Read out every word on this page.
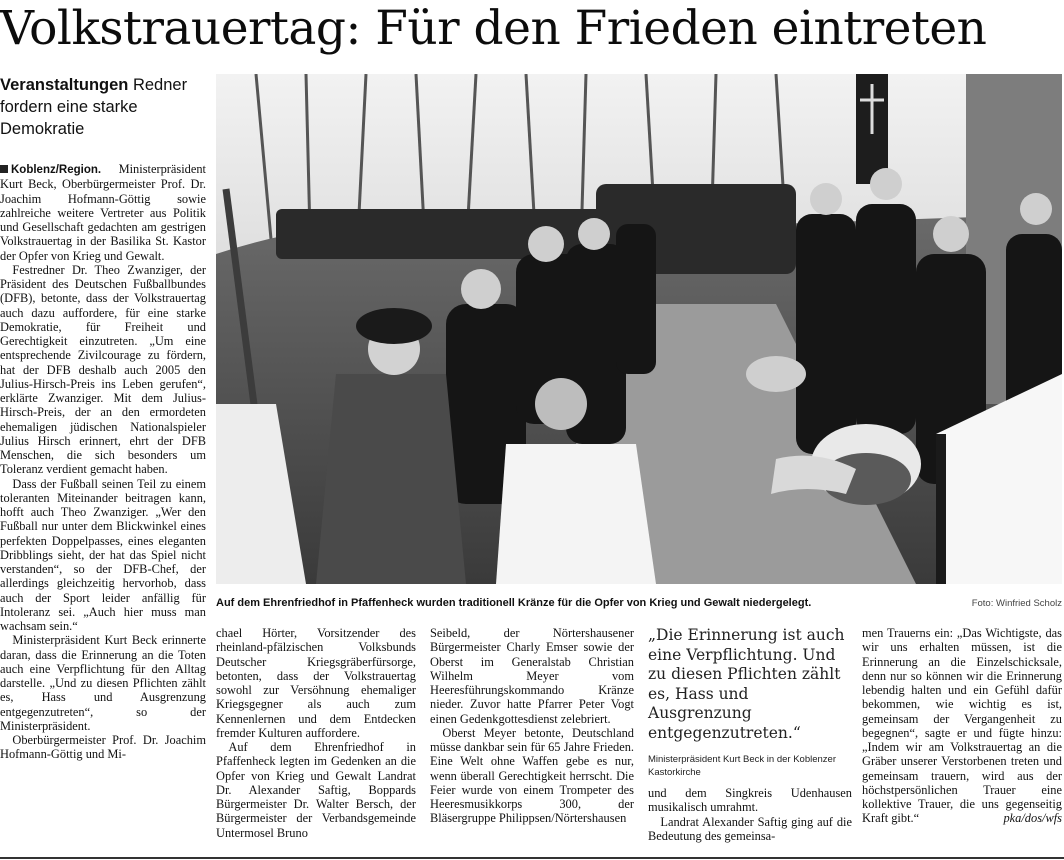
Volkstrauertag: Für den Frieden eintreten
Veranstaltungen Redner fordern eine starke Demokratie

Koblenz/Region. Ministerpräsident Kurt Beck, Oberbürgermeister Prof. Dr. Joachim Hofmann-Göttig sowie zahlreiche weitere Vertreter aus Politik und Gesellschaft gedachten am gestrigen Volkstrauertag in der Basilika St. Kastor der Opfer von Krieg und Gewalt.

Festredner Dr. Theo Zwanziger, der Präsident des Deutschen Fußballbundes (DFB), betonte, dass der Volkstrauertag auch dazu auffordere, für eine starke Demokratie, für Freiheit und Gerechtigkeit einzutreten. „Um eine entsprechende Zivilcourage zu fördern, hat der DFB deshalb auch 2005 den Julius-Hirsch-Preis ins Leben gerufen“, erklärte Zwanziger. Mit dem Julius-Hirsch-Preis, der an den ermordeten ehemaligen jüdischen Nationalspieler Julius Hirsch erinnert, ehrt der DFB Menschen, die sich besonders um Toleranz verdient gemacht haben.

Dass der Fußball seinen Teil zu einem toleranten Miteinander beitragen kann, hofft auch Theo Zwanziger. „Wer den Fußball nur unter dem Blickwinkel eines perfekten Doppelpasses, eines eleganten Dribblings sieht, der hat das Spiel nicht verstanden“, so der DFB-Chef, der allerdings gleichzeitig hervorhob, dass auch der Sport leider anfällig für Intoleranz sei. „Auch hier muss man wachsam sein.“

Ministerpräsident Kurt Beck erinnerte daran, dass die Erinnerung an die Toten auch eine Verpflichtung für den Alltag darstelle. „Und zu diesen Pflichten zählt es, Hass und Ausgrenzung entgegenzutreten“, so der Ministerpräsident.

Oberbürgermeister Prof. Dr. Joachim Hofmann-Göttig und Mi-

Auf dem Ehrenfriedhof in Pfaffenheck wurden traditionell Kränze für die Opfer von Krieg und Gewalt niedergelegt.	Foto: Winfried Scholz

chael Hörter, Vorsitzender des rheinland-pfälzischen Volksbunds Deutscher Kriegsgräberfürsorge, betonten, dass der Volkstrauertag sowohl zur Versöhnung ehemaliger Kriegsgegner als auch zum Kennenlernen und dem Entdecken fremder Kulturen auffordere.

Auf dem Ehrenfriedhof in Pfaffenheck legten im Gedenken an die Opfer von Krieg und Gewalt Landrat Dr. Alexander Saftig, Boppards Bürgermeister Dr. Walter Bersch, der Bürgermeister der Verbandsgemeinde Untermosel Bruno

Seibeld, der Nörtershausener Bürgermeister Charly Emser sowie der Oberst im Generalstab Christian Wilhelm Meyer vom Heeresführungskommando Kränze nieder. Zuvor hatte Pfarrer Peter Vogt einen Gedenkgottesdienst zelebriert.

Oberst Meyer betonte, Deutschland müsse dankbar sein für 65 Jahre Frieden. Eine Welt ohne Waffen gebe es nur, wenn überall Gerechtigkeit herrscht. Die Feier wurde von einem Trompeter des Heeresmusikkorps 300, der Bläsergruppe Philippsen/Nörtershausen

„Die Erinnerung ist auch eine Verpflichtung. Und zu diesen Pflichten zählt es, Hass und Ausgrenzung entgegenzutreten.“
Ministerpräsident Kurt Beck in der Koblenzer Kastorkirche

und dem Singkreis Udenhausen musikalisch umrahmt.

Landrat Alexander Saftig ging auf die Bedeutung des gemeinsa-

men Trauerns ein: „Das Wichtigste, das wir uns erhalten müssen, ist die Erinnerung an die Einzelschicksale, denn nur so können wir die Erinnerung lebendig halten und ein Gefühl dafür bekommen, wie wichtig es ist, gemeinsam der Vergangenheit zu begegnen“, sagte er und fügte hinzu: „Indem wir am Volkstrauertag an die Gräber unserer Verstorbenen treten und gemeinsam trauern, wird aus der höchstpersönlichen Trauer eine kollektive Trauer, die uns gegenseitig Kraft gibt.“	pka/dos/wfs
